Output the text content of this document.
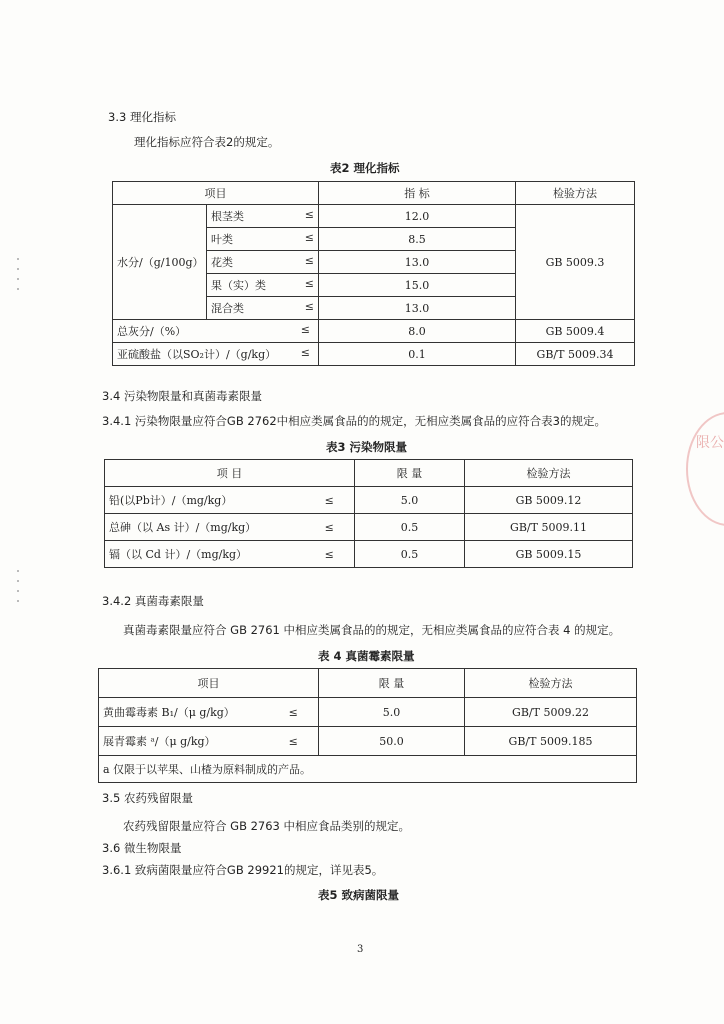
3.3 理化指标
理化指标应符合表2的规定。
表2 理化指标
项目		指 标	检验方法
水分/（g/100g）	根茎类 ≤	12.0	GB 5009.3
	叶类 ≤	8.5	
	花类 ≤	13.0	
	果（实）类 ≤	15.0	
	混合类 ≤	13.0	
总灰分/（%） ≤		8.0	GB 5009.4
亚硫酸盐（以SO₂计）/（g/kg） ≤		0.1	GB/T 5009.34
3.4 污染物限量和真菌毒素限量
3.4.1 污染物限量应符合GB 2762中相应类属食品的的规定，无相应类属食品的应符合表3的规定。
表3 污染物限量
项 目		限 量	检验方法
铅(以Pb计）/（mg/kg）	≤	5.0	GB 5009.12
总砷（以 As 计）/（mg/kg）	≤	0.5	GB/T 5009.11
镉（以 Cd 计）/（mg/kg）	≤	0.5	GB 5009.15
3.4.2 真菌毒素限量
真菌毒素限量应符合 GB 2761 中相应类属食品的的规定，无相应类属食品的应符合表 4 的规定。
表 4 真菌霉素限量
项目		限 量	检验方法
黄曲霉毒素 B₁/（μ g/kg）	≤	5.0	GB/T 5009.22
展青霉素 ᵃ/（μ g/kg）	≤	50.0	GB/T 5009.185
a 仅限于以苹果、山楂为原料制成的产品。			
3.5 农药残留限量
农药残留限量应符合 GB 2763 中相应食品类别的规定。
3.6 微生物限量
3.6.1 致病菌限量应符合GB 29921的规定，详见表5。
表5 致病菌限量
3
限公
